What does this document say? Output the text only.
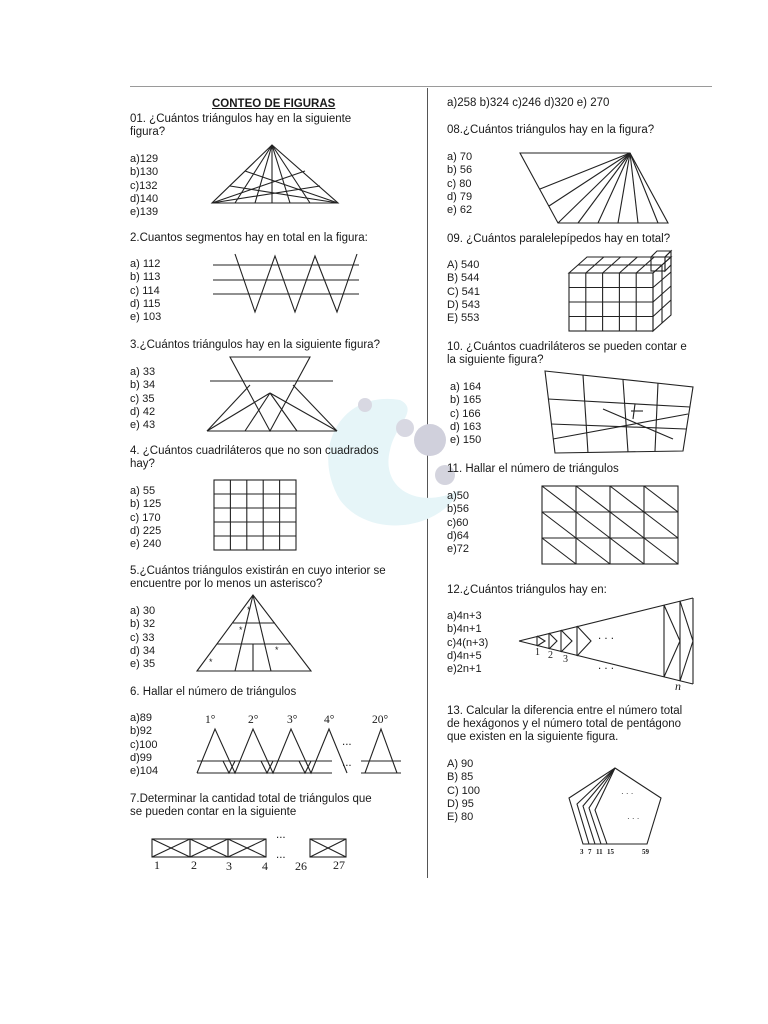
CONTEO DE FIGURAS
01. ¿Cuántos triángulos hay en la siguiente
figura?
a)129
b)130
c)132
d)140
e)139
2.Cuantos segmentos hay en total en la figura:
a) 112
b) 113
c) 114
d) 115
e) 103
3.¿Cuántos triángulos hay en la siguiente figura?
a) 33
b) 34
c) 35
d) 42
e) 43
4. ¿Cuántos cuadriláteros que no son cuadrados
hay?
a) 55
b) 125
c) 170
d) 225
e) 240
5.¿Cuántos triángulos existirán en cuyo interior se
encuentre por lo menos un asterisco?
a) 30
b) 32
c) 33
d) 34
e) 35
*
*
*
*
6. Hallar el número de triángulos
a)89
b)92
c)100
d)99
e)104
1°	2° 3° 4°	20°
...
...
7.Determinar la cantidad total de triángulos que
se pueden contar en la siguiente
...
...
1	2 3	4 26 27
a)258 b)324 c)246 d)320 e) 270
08.¿Cuántos triángulos hay en la figura?
a) 70
b) 56
c) 80
d) 79
e) 62
09. ¿Cuántos paralelepípedos hay en total?
A) 540
B) 544
C) 541
D) 543
E) 553
10. ¿Cuántos cuadriláteros se pueden contar e
la siguiente figura?
a) 164
b) 165
c) 166
d) 163
e) 150
11. Hallar el número de triángulos
a)50
b)56
c)60
d)64
e)72
12.¿Cuántos triángulos hay en:
a)4n+3
b)4n+1
c)4(n+3)
d)4n+5
e)2n+1
. . .
. . .
1 2 3
n
13. Calcular la diferencia entre el número total
de hexágonos y el número total de pentágono
que existen en la siguiente figura.
A) 90
B) 85
C) 100
D) 95
E) 80
· · ·
· · ·
3 7 11 15	59
